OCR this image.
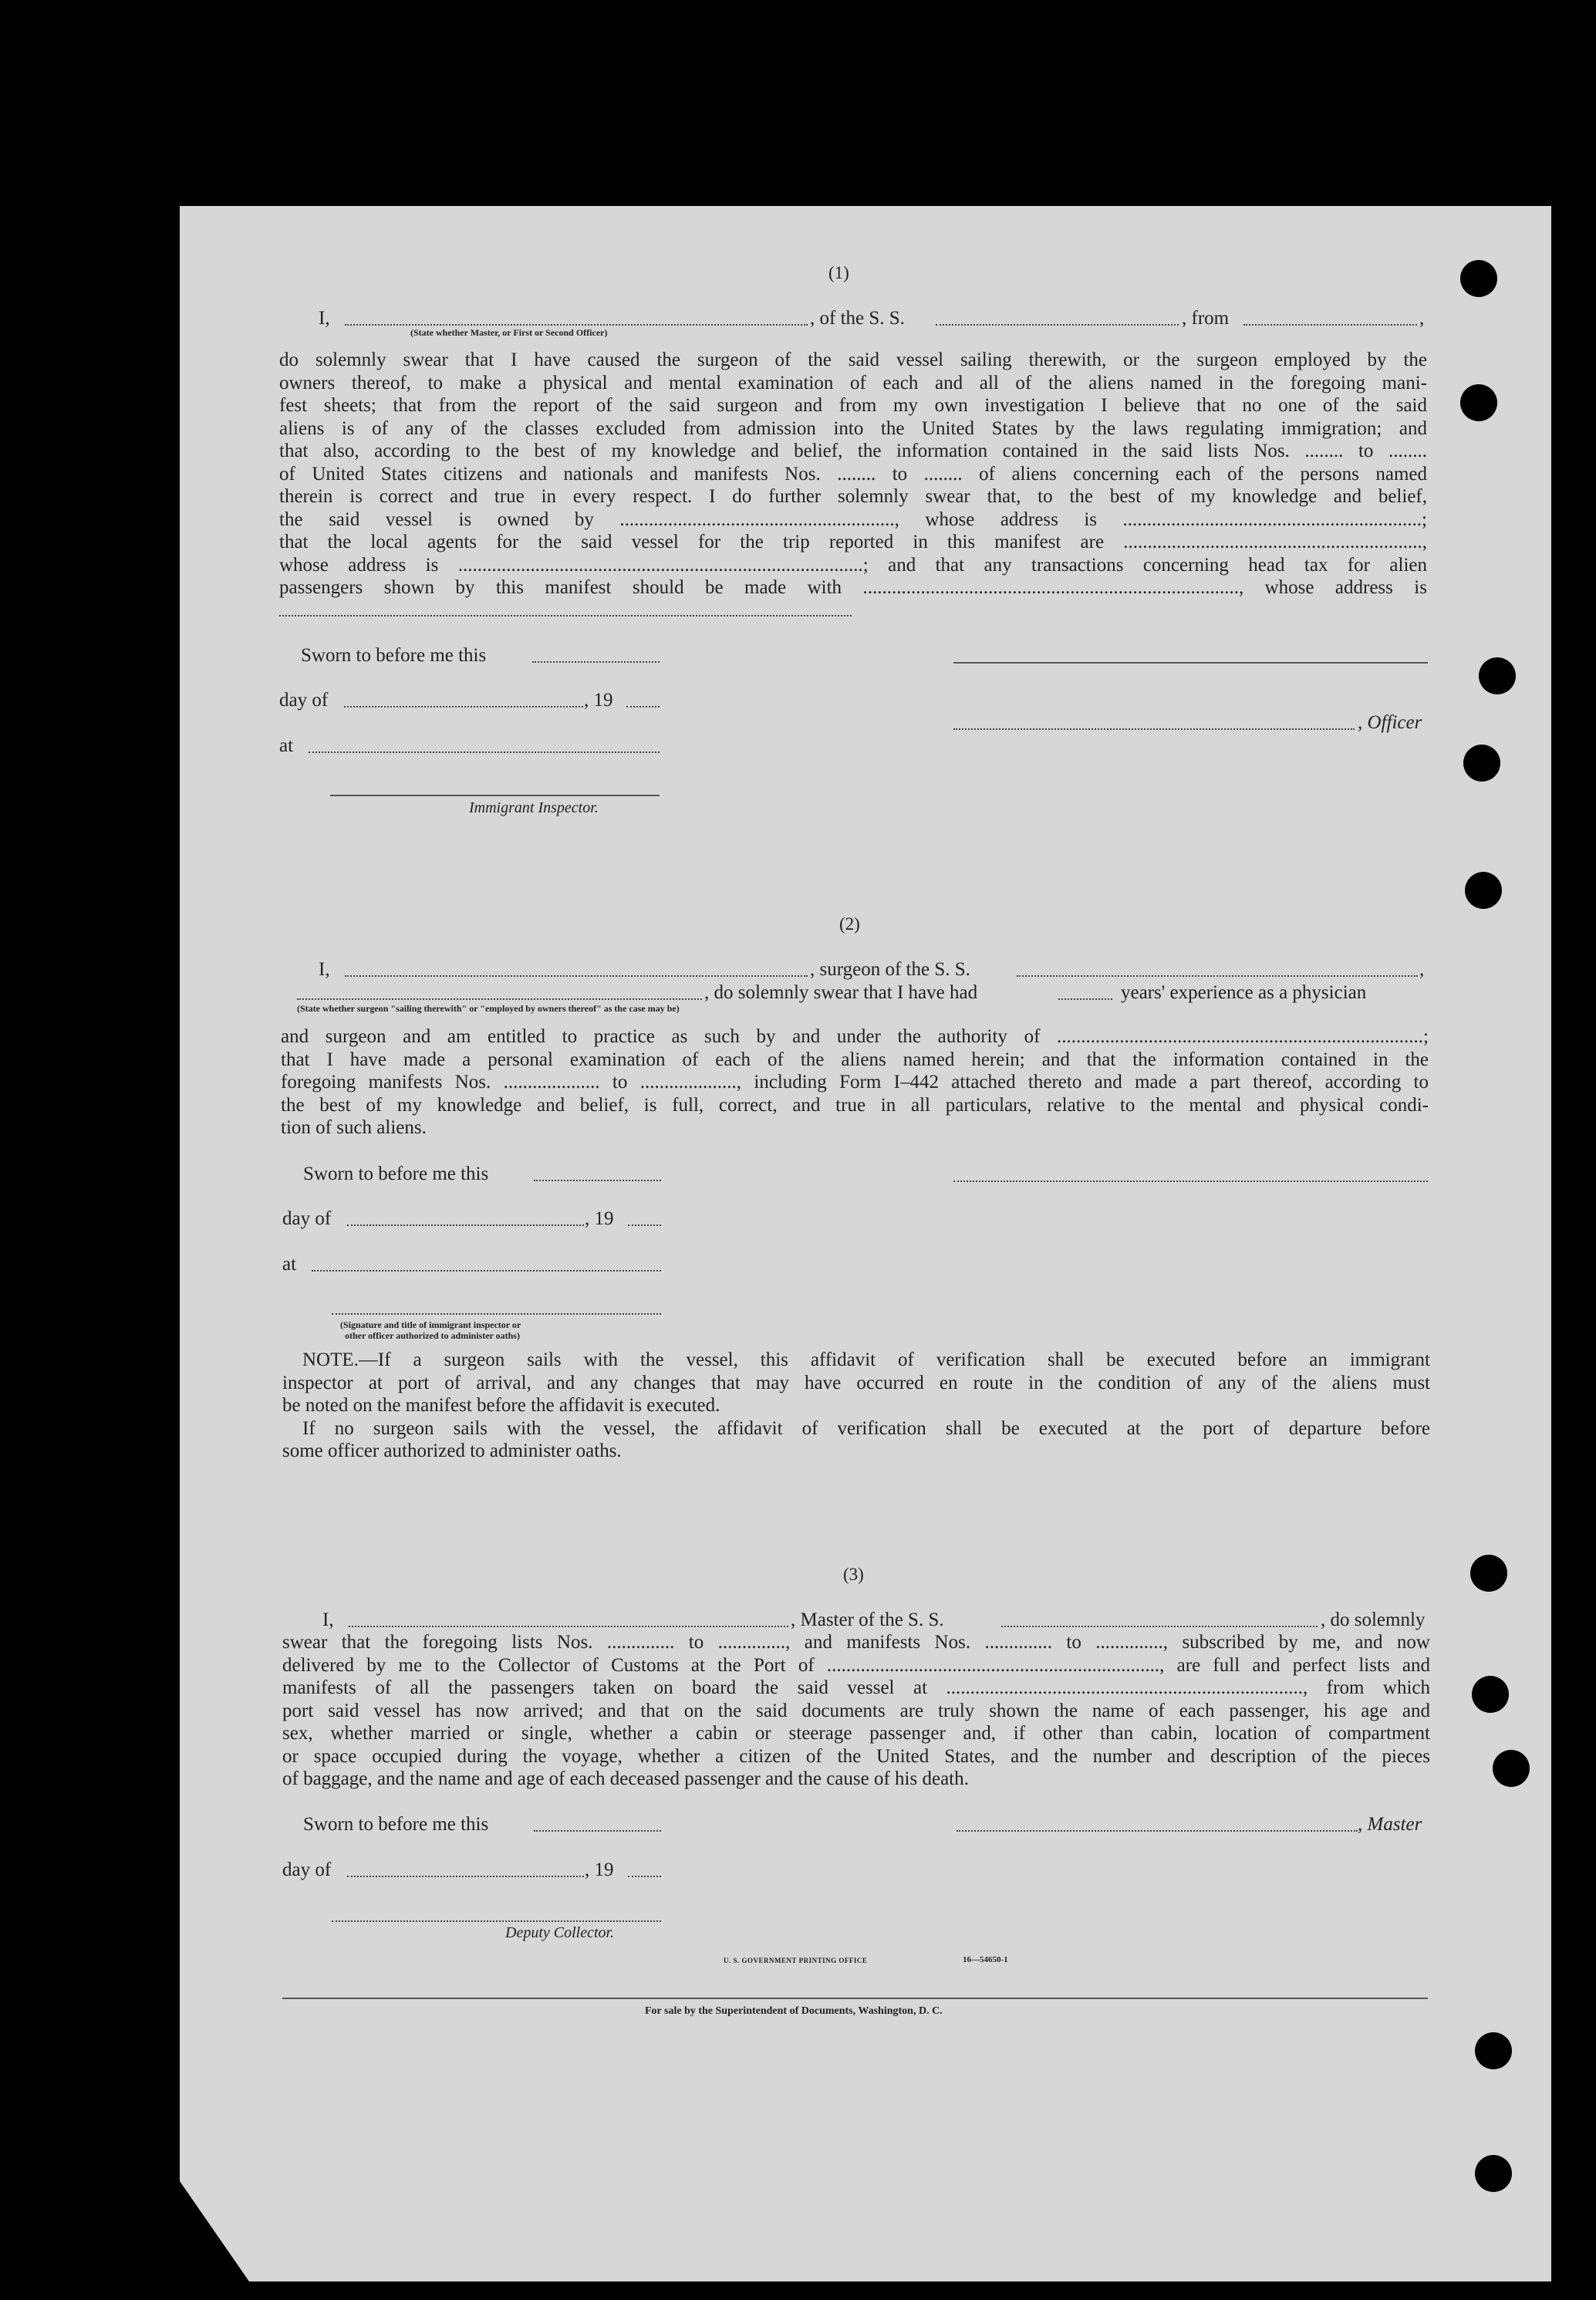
(1)
I,	, of the S. S.	, from	,
(State whether Master, or First or Second Officer)
do solemnly swear that I have caused the surgeon of the said vessel sailing therewith, or the surgeon employed by the
owners thereof, to make a physical and mental examination of each and all of the aliens named in the foregoing mani-
fest sheets; that from the report of the said surgeon and from my own investigation I believe that no one of the said
aliens is of any of the classes excluded from admission into the United States by the laws regulating immigration; and
that also, according to the best of my knowledge and belief, the information contained in the said lists Nos. ........ to ........
of United States citizens and nationals and manifests Nos. ........ to ........ of aliens concerning each of the persons named
therein is correct and true in every respect. I do further solemnly swear that, to the best of my knowledge and belief,
the said vessel is owned by ........................................................., whose address is ..............................................................;
that the local agents for the said vessel for the trip reported in this manifest are ..............................................................,
whose address is ....................................................................................; and that any transactions concerning head tax for alien
passengers shown by this manifest should be made with .............................................................................., whose address is
Sworn to before me this
day of	, 19
, Officer
at
Immigrant Inspector.
(2)
I,	, surgeon of the S. S.	,
, do solemnly swear that I have had	years' experience as a physician
(State whether surgeon "sailing therewith" or "employed by owners thereof" as the case may be)
and surgeon and am entitled to practice as such by and under the authority of ............................................................................;
that I have made a personal examination of each of the aliens named herein; and that the information contained in the
foregoing manifests Nos. .................... to ...................., including Form I–442 attached thereto and made a part thereof, according to
the best of my knowledge and belief, is full, correct, and true in all particulars, relative to the mental and physical condi-
tion of such aliens.
Sworn to before me this
day of	, 19
at
(Signature and title of immigrant inspector or
other officer authorized to administer oaths)
NOTE.—If a surgeon sails with the vessel, this affidavit of verification shall be executed before an immigrant
inspector at port of arrival, and any changes that may have occurred en route in the condition of any of the aliens must
be noted on the manifest before the affidavit is executed.
If no surgeon sails with the vessel, the affidavit of verification shall be executed at the port of departure before
some officer authorized to administer oaths.
(3)
I,	, Master of the S. S.	, do solemnly
swear that the foregoing lists Nos. .............. to .............., and manifests Nos. .............. to .............., subscribed by me, and now
delivered by me to the Collector of Customs at the Port of ....................................................................., are full and perfect lists and
manifests of all the passengers taken on board the said vessel at .........................................................................., from which
port said vessel has now arrived; and that on the said documents are truly shown the name of each passenger, his age and
sex, whether married or single, whether a cabin or steerage passenger and, if other than cabin, location of compartment
or space occupied during the voyage, whether a citizen of the United States, and the number and description of the pieces
of baggage, and the name and age of each deceased passenger and the cause of his death.
Sworn to before me this	, Master
day of	, 19
Deputy Collector.
U. S. GOVERNMENT PRINTING OFFICE	16—54650-1
For sale by the Superintendent of Documents, Washington, D. C.
